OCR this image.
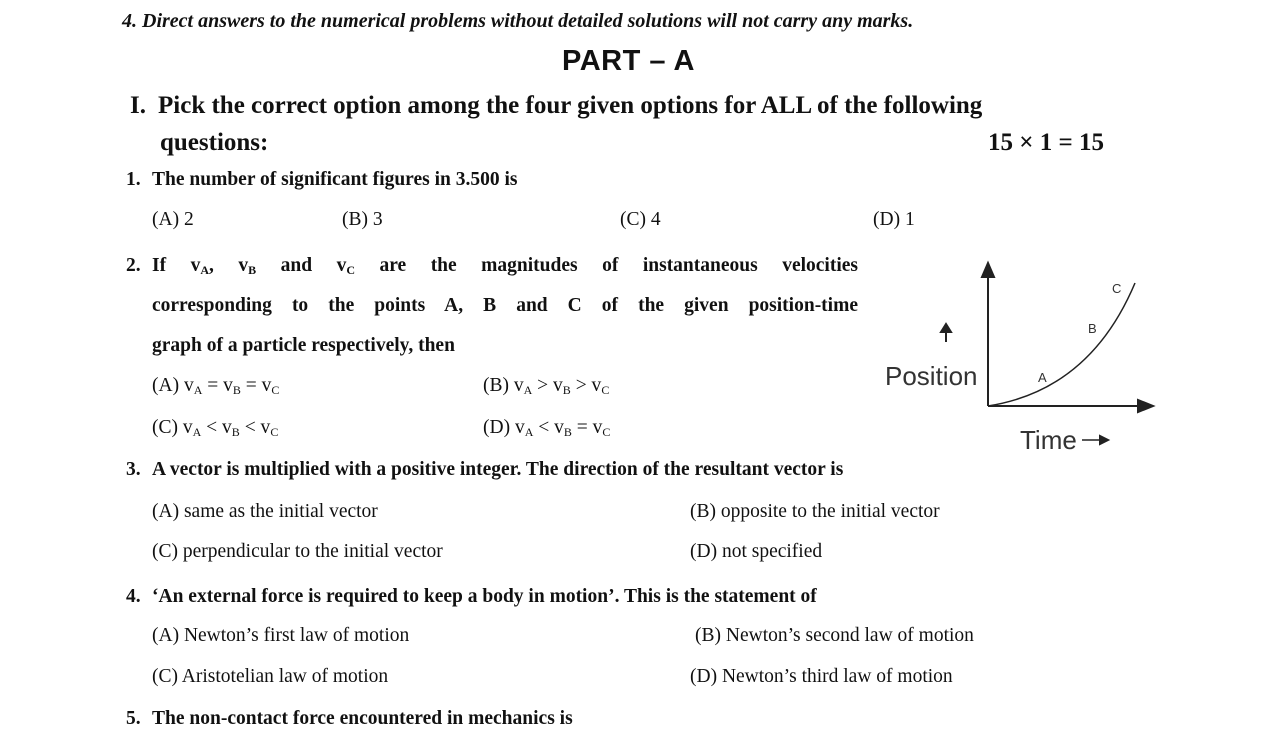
4. Direct answers to the numerical problems without detailed solutions will not carry any marks.
PART – A
I. Pick the correct option among the four given options for ALL of the following
questions:	15 × 1 = 15
1. The number of significant figures in 3.500 is
(A) 2	(B) 3	(C) 4	(D) 1
2. If $v_A$, $v_B$ and $v_C$ are the magnitudes of instantaneous velocities
corresponding to the points A, B and C of the given position-time
graph of a particle respectively, then
(A) $v_A = v_B = v_C$	(B) $v_A > v_B > v_C$
(C) $v_A < v_B < v_C$	(D) $v_A < v_B = v_C$
Position
Time
A
B
C
3. A vector is multiplied with a positive integer. The direction of the resultant vector is
(A) same as the initial vector	(B) opposite to the initial vector
(C) perpendicular to the initial vector	(D) not specified
4. ‘An external force is required to keep a body in motion’. This is the statement of
(A) Newton’s first law of motion	(B) Newton’s second law of motion
(C) Aristotelian law of motion	(D) Newton’s third law of motion
5. The non-contact force encountered in mechanics is
